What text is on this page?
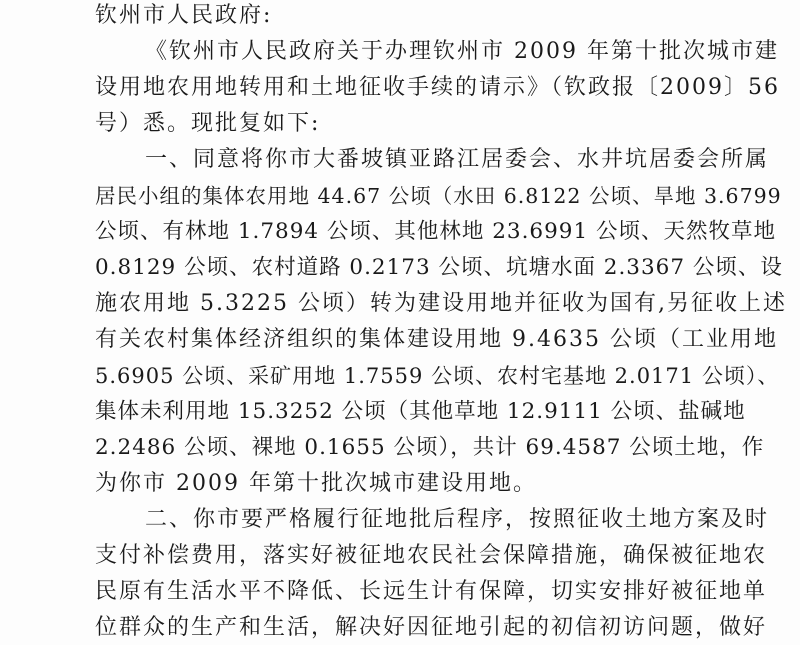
钦州市人民政府:
《钦州市人民政府关于办理钦州市 2009 年第十批次城市建
设用地农用地转用和土地征收手续的请示》（钦政报〔2009〕56
号）悉。现批复如下:
一、同意将你市大番坡镇亚路江居委会、水井坑居委会所属
居民小组的集体农用地 44.67 公顷（水田 6.8122 公顷、旱地 3.6799
公顷、有林地 1.7894 公顷、其他林地 23.6991 公顷、天然牧草地
0.8129 公顷、农村道路 0.2173 公顷、坑塘水面 2.3367 公顷、设
施农用地 5.3225 公顷）转为建设用地并征收为国有,另征收上述
有关农村集体经济组织的集体建设用地 9.4635 公顷（工业用地
5.6905 公顷、采矿用地 1.7559 公顷、农村宅基地 2.0171 公顷）、
集体未利用地 15.3252 公顷（其他草地 12.9111 公顷、盐碱地
2.2486 公顷、裸地 0.1655 公顷），共计 69.4587 公顷土地，作
为你市 2009 年第十批次城市建设用地。
二、你市要严格履行征地批后程序，按照征收土地方案及时
支付补偿费用，落实好被征地农民社会保障措施，确保被征地农
民原有生活水平不降低、长远生计有保障，切实安排好被征地单
位群众的生产和生活，解决好因征地引起的初信初访问题，做好
